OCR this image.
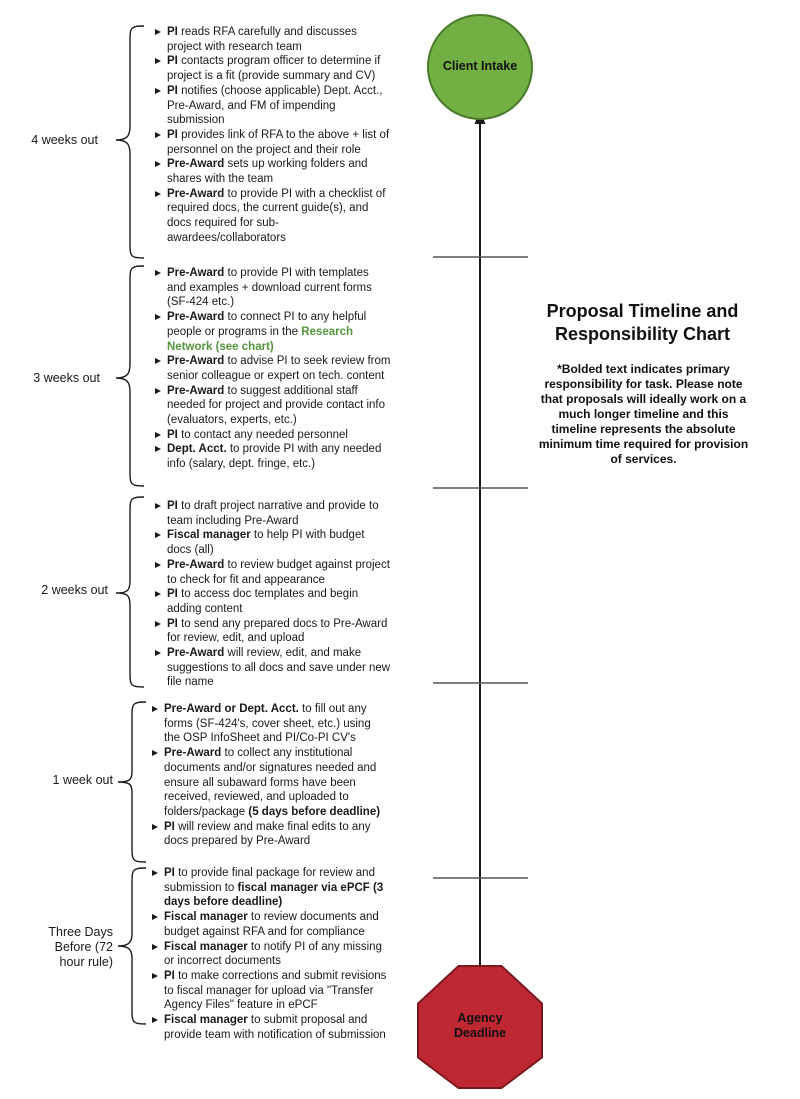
Client Intake
Agency Deadline
4 weeks out
PI reads RFA carefully and discusses project with research team
PI contacts program officer to determine if project is a fit (provide summary and CV)
PI notifies (choose applicable) Dept. Acct., Pre-Award, and FM of impending submission
PI provides link of RFA to the above + list of personnel on the project and their role
Pre-Award sets up working folders and shares with the team
Pre-Award to provide PI with a checklist of required docs, the current guide(s), and docs required for sub-awardees/collaborators
3 weeks out
Pre-Award to provide PI with templates and examples + download current forms (SF-424 etc.)
Pre-Award to connect PI to any helpful people or programs in the Research Network (see chart)
Pre-Award to advise PI to seek review from senior colleague or expert on tech. content
Pre-Award to suggest additional staff needed for project and provide contact info (evaluators, experts, etc.)
PI to contact any needed personnel
Dept. Acct. to provide PI with any needed info (salary, dept. fringe, etc.)
2 weeks out
PI to draft project narrative and provide to team including Pre-Award
Fiscal manager to help PI with budget docs (all)
Pre-Award to review budget against project to check for fit and appearance
PI to access doc templates and begin adding content
PI to send any prepared docs to Pre-Award for review, edit, and upload
Pre-Award will review, edit, and make suggestions to all docs and save under new file name
1 week out
Pre-Award or Dept. Acct. to fill out any forms (SF-424's, cover sheet, etc.) using the OSP InfoSheet and PI/Co-PI CV's
Pre-Award to collect any institutional documents and/or signatures needed and ensure all subaward forms have been received, reviewed, and uploaded to folders/package (5 days before deadline)
PI will review and make final edits to any docs prepared by Pre-Award
Three Days Before (72 hour rule)
PI to provide final package for review and submission to fiscal manager via ePCF (3 days before deadline)
Fiscal manager to review documents and budget against RFA and for compliance
Fiscal manager to notify PI of any missing or incorrect documents
PI to make corrections and submit revisions to fiscal manager for upload via "Transfer Agency Files" feature in ePCF
Fiscal manager to submit proposal and provide team with notification of submission
Proposal Timeline and Responsibility Chart
*Bolded text indicates primary responsibility for task. Please note that proposals will ideally work on a much longer timeline and this timeline represents the absolute minimum time required for provision of services.
